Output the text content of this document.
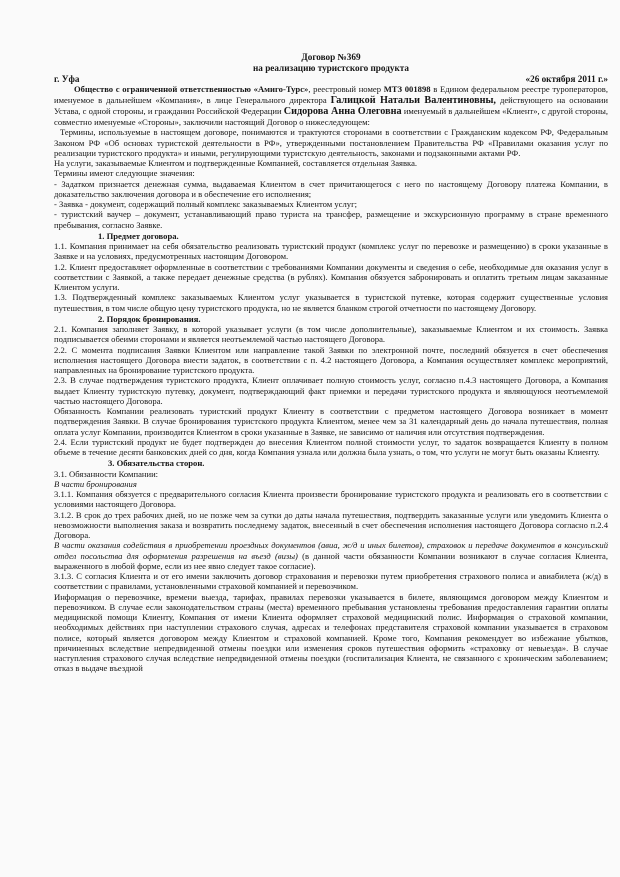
Договор №369
на реализацию туристского продукта
г. Уфа	«26 октября 2011 г.»

Общество с ограниченной ответственностью «Амиго-Турс», реестровый номер МТЗ 001898 в Едином федеральном реестре туроператоров, именуемое в дальнейшем «Компания», в лице Генерального директора Галицкой Натальи Валентиновны, действующего на основании Устава, с одной стороны, и гражданин Российской Федерации Сидорова Анна Олеговна именуемый в дальнейшем «Клиент», с другой стороны, совместно именуемые «Стороны», заключили настоящий Договор о нижеследующем:

Термины, используемые в настоящем договоре, понимаются и трактуются сторонами в соответствии с Гражданским кодексом РФ, Федеральным Законом РФ «Об основах туристской деятельности в РФ», утвержденными постановлением Правительства РФ «Правилами оказания услуг по реализации туристского продукта» и иными, регулирующими туристскую деятельность, законами и подзаконными актами РФ.

На услуги, заказываемые Клиентом и подтвержденные Компанией, составляется отдельная Заявка.

Термины имеют следующие значения:

- Задатком признается денежная сумма, выдаваемая Клиентом в счет причитающегося с него по настоящему Договору платежа Компании, в доказательство заключения договора и в обеспечение его исполнения;

- Заявка - документ, содержащий полный комплекс заказываемых Клиентом услуг;

- туристский ваучер – документ, устанавливающий право туриста на трансфер, размещение и экскурсионную программу в стране временного пребывания, согласно Заявке.

1. Предмет договора.

1.1. Компания принимает на себя обязательство реализовать туристский продукт (комплекс услуг по перевозке и размещению) в сроки указанные в Заявке и на условиях, предусмотренных настоящим Договором.

1.2. Клиент предоставляет оформленные в соответствии с требованиями Компании документы и сведения о себе, необходимые для оказания услуг в соответствии с Заявкой, а также передает денежные средства (в рублях). Компания обязуется забронировать и оплатить третьим лицам заказанные Клиентом услуги.

1.3. Подтвержденный комплекс заказываемых Клиентом услуг указывается в туристской путевке, которая содержит существенные условия путешествия, в том числе общую цену туристского продукта, но не является бланком строгой отчетности по настоящему Договору.

2. Порядок бронирования.

2.1. Компания заполняет Заявку, в которой указывает услуги (в том числе дополнительные), заказываемые Клиентом и их стоимость. Заявка подписывается обеими сторонами и является неотъемлемой частью настоящего Договора.

2.2. С момента подписания Заявки Клиентом или направление такой Заявки по электронной почте, последний обязуется в счет обеспечения исполнения настоящего Договора внести задаток, в соответствии с п. 4.2 настоящего Договора, а Компания осуществляет комплекс мероприятий, направленных на бронирование туристского продукта.

2.3. В случае подтверждения туристского продукта, Клиент оплачивает полную стоимость услуг, согласно п.4.3 настоящего Договора, а Компания выдает Клиенту туристскую путевку, документ, подтверждающий факт приемки и передачи туристского продукта и являющуюся неотъемлемой частью настоящего Договора.

Обязанность Компании реализовать туристский продукт Клиенту в соответствии с предметом настоящего Договора возникает в момент подтверждения Заявки. В случае бронирования туристского продукта Клиентом, менее чем за 31 календарный день до начала путешествия, полная оплата услуг Компании, производится Клиентом в сроки указанные в Заявке, не зависимо от наличия или отсутствия подтверждения.

2.4. Если туристский продукт не будет подтвержден до внесения Клиентом полной стоимости услуг, то задаток возвращается Клиенту в полном объеме в течение десяти банковских дней со дня, когда Компания узнала или должна была узнать, о том, что услуги не могут быть оказаны Клиенту.

3. Обязательства сторон.

3.1. Обязанности Компании:

В части бронирования

3.1.1. Компания обязуется с предварительного согласия Клиента произвести бронирование туристского продукта и реализовать его в соответствии с условиями настоящего Договора.

3.1.2. В срок до трех рабочих дней, но не позже чем за сутки до даты начала путешествия, подтвердить заказанные услуги или уведомить Клиента о невозможности выполнения заказа и возвратить последнему задаток, внесенный в счет обеспечения исполнения настоящего Договора согласно п.2.4 Договора.

В части оказания содействия в приобретении проездных документов (авиа, ж/д и иных билетов), страховок и передаче документов в консульский отдел посольства для оформления разрешения на въезд (визы) (в данной части обязанности Компании возникают в случае согласия Клиента, выраженного в любой форме, если из нее явно следует такое согласие).

3.1.3. С согласия Клиента и от его имени заключить договор страхования и перевозки путем приобретения страхового полиса и авиабилета (ж/д) в соответствии с правилами, установленными страховой компанией и перевозчиком.

Информация о перевозчике, времени выезда, тарифах, правилах перевозки указывается в билете, являющимся договором между Клиентом и перевозчиком. В случае если законодательством страны (места) временного пребывания установлены требования предоставления гарантии оплаты медицинской помощи Клиенту, Компания от имени Клиента оформляет страховой медицинский полис. Информация о страховой компании, необходимых действиях при наступлении страхового случая, адресах и телефонах представителя страховой компании указывается в страховом полисе, который является договором между Клиентом и страховой компанией. Кроме того, Компания рекомендует во избежание убытков, причиненных вследствие непредвиденной отмены поездки или изменения сроков путешествия оформить «страховку от невыезда». В случае наступления страхового случая вследствие непредвиденной отмены поездки (госпитализация Клиента, не связанного с хроническим заболеванием; отказ в выдаче въездной
